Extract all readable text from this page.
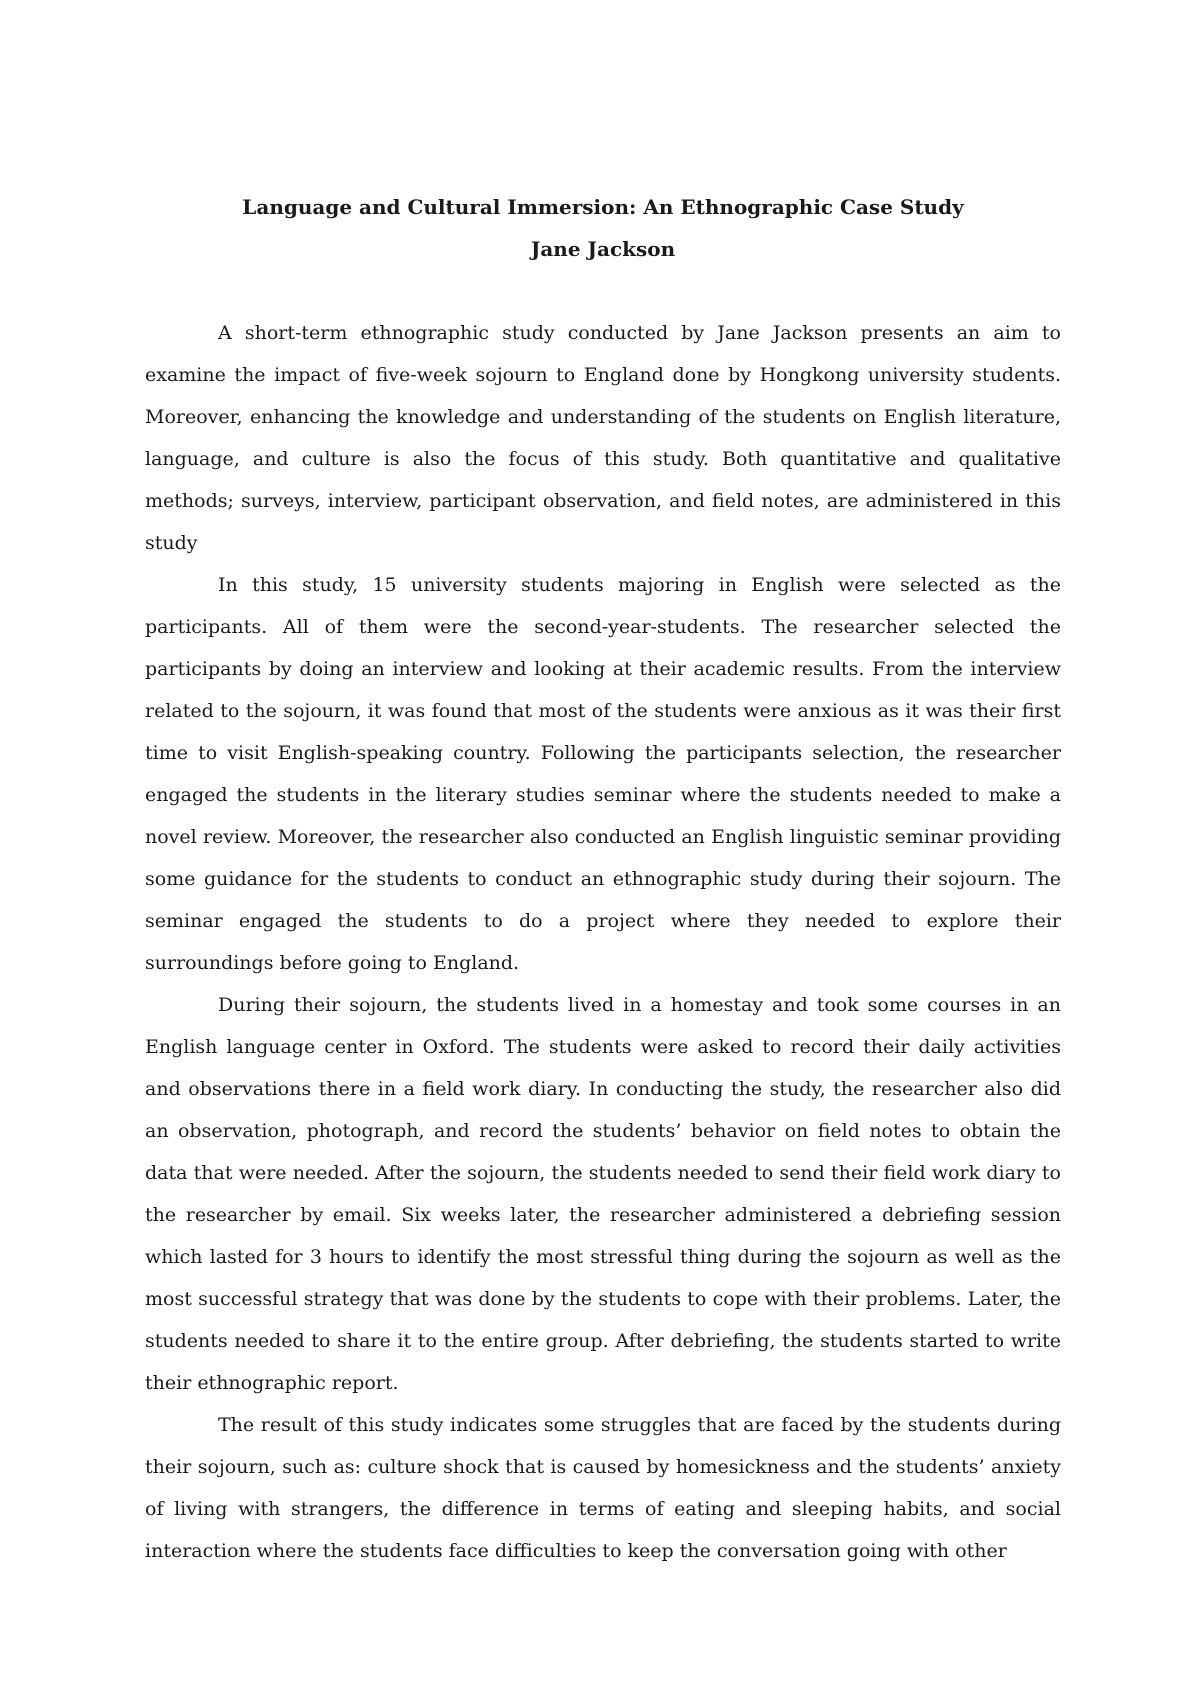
Language and Cultural Immersion: An Ethnographic Case Study

Jane Jackson

A short-term ethnographic study conducted by Jane Jackson presents an aim to examine the impact of five-week sojourn to England done by Hongkong university students. Moreover, enhancing the knowledge and understanding of the students on English literature, language, and culture is also the focus of this study. Both quantitative and qualitative methods; surveys, interview, participant observation, and field notes, are administered in this study

In this study, 15 university students majoring in English were selected as the participants. All of them were the second-year-students. The researcher selected the participants by doing an interview and looking at their academic results. From the interview related to the sojourn, it was found that most of the students were anxious as it was their first time to visit English-speaking country. Following the participants selection, the researcher engaged the students in the literary studies seminar where the students needed to make a novel review. Moreover, the researcher also conducted an English linguistic seminar providing some guidance for the students to conduct an ethnographic study during their sojourn. The seminar engaged the students to do a project where they needed to explore their surroundings before going to England.

During their sojourn, the students lived in a homestay and took some courses in an English language center in Oxford. The students were asked to record their daily activities and observations there in a field work diary. In conducting the study, the researcher also did an observation, photograph, and record the students’ behavior on field notes to obtain the data that were needed. After the sojourn, the students needed to send their field work diary to the researcher by email. Six weeks later, the researcher administered a debriefing session which lasted for 3 hours to identify the most stressful thing during the sojourn as well as the most successful strategy that was done by the students to cope with their problems. Later, the students needed to share it to the entire group. After debriefing, the students started to write their ethnographic report.

The result of this study indicates some struggles that are faced by the students during their sojourn, such as: culture shock that is caused by homesickness and the students’ anxiety of living with strangers, the difference in terms of eating and sleeping habits, and social interaction where the students face difficulties to keep the conversation going with other
